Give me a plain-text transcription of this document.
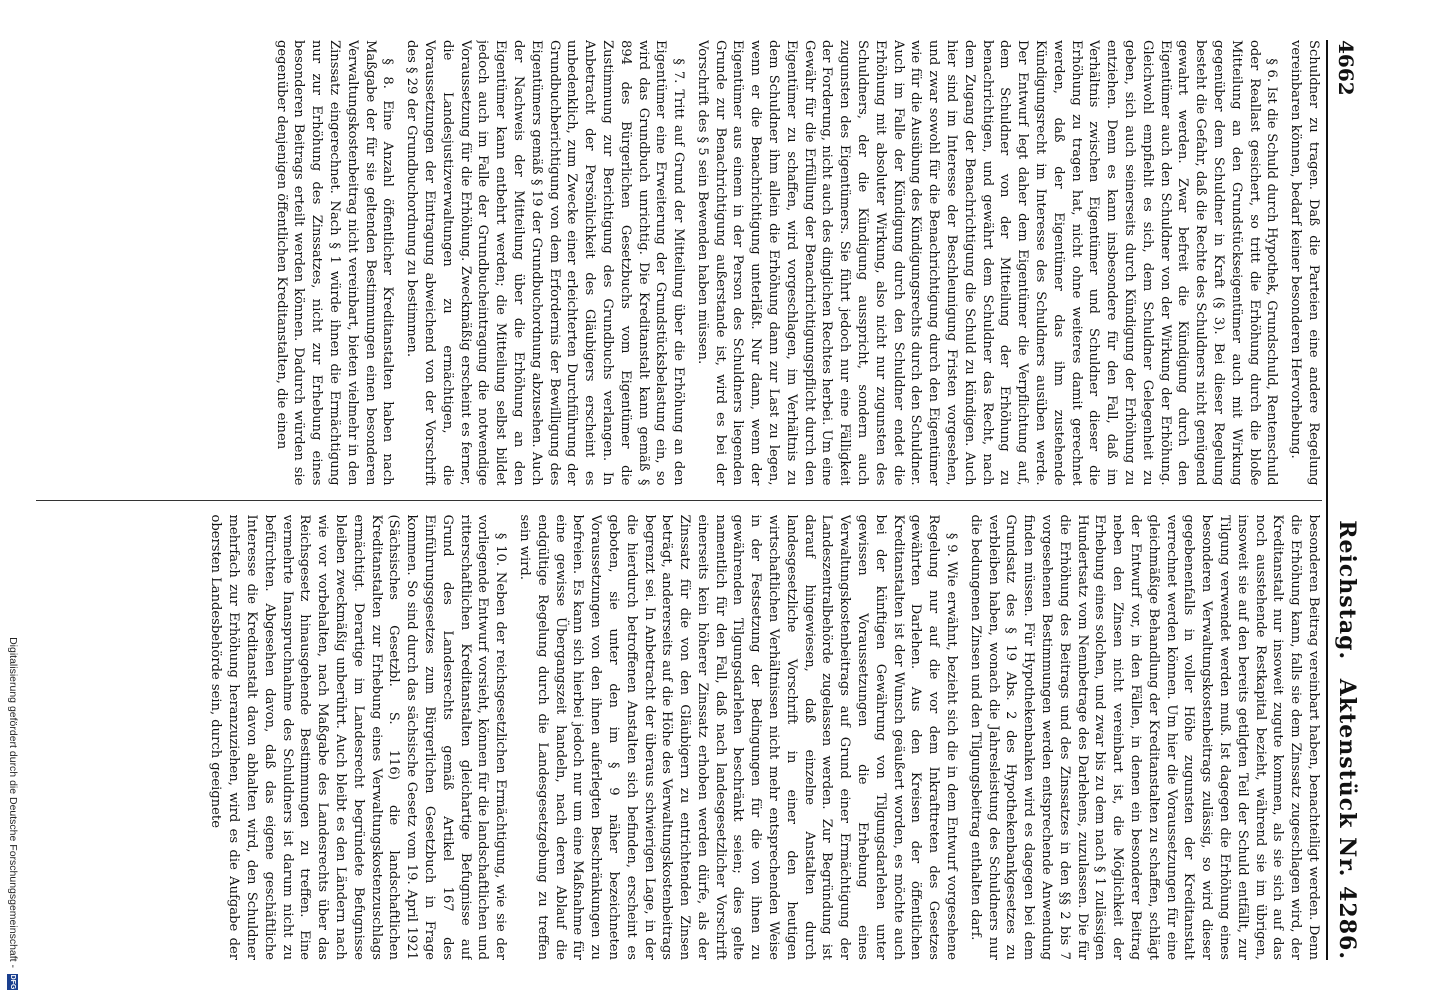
4662
Reichstag. Aktenstück Nr. 4286.

Schuldner zu tragen. Daß die Parteien eine andere Regelung vereinbaren können, bedarf keiner besonderen Hervorhebung.

§ 6. Ist die Schuld durch Hypothek, Grundschuld, Rentenschuld oder Reallast gesichert, so tritt die Erhöhung durch die bloße Mitteilung an den Grundstückseigentümer auch mit Wirkung gegenüber dem Schuldner in Kraft (§ 3). Bei dieser Regelung besteht die Gefahr, daß die Rechte des Schuldners nicht genügend gewahrt werden. Zwar befreit die Kündigung durch den Eigentümer auch den Schuldner von der Wirkung der Erhöhung. Gleichwohl empfiehlt es sich, dem Schuldner Gelegenheit zu geben, sich auch seinerseits durch Kündigung der Erhöhung zu entziehen. Denn es kann insbesondere für den Fall, daß im Verhältnis zwischen Eigentümer und Schuldner dieser die Erhöhung zu tragen hat, nicht ohne weiteres damit gerechnet werden, daß der Eigentümer das ihm zustehende Kündigungsrecht im Interesse des Schuldners ausüben werde. Der Entwurf legt daher dem Eigentümer die Verpflichtung auf, dem Schuldner von der Mitteilung der Erhöhung zu benachrichtigen, und gewährt dem Schuldner das Recht, nach dem Zugang der Benachrichtigung die Schuld zu kündigen. Auch hier sind im Interesse der Beschleunigung Fristen vorgesehen, und zwar sowohl für die Benachrichtigung durch den Eigentümer wie für die Ausübung des Kündigungsrechts durch den Schuldner. Auch im Falle der Kündigung durch den Schuldner endet die Erhöhung mit absoluter Wirkung, also nicht nur zugunsten des Schuldners, der die Kündigung ausspricht, sondern auch zugunsten des Eigentümers. Sie führt jedoch nur eine Fälligkeit der Forderung, nicht auch des dinglichen Rechtes herbei. Um eine Gewähr für die Erfüllung der Benachrichtigungspflicht durch den Eigentümer zu schaffen, wird vorgeschlagen, im Verhältnis zu dem Schuldner ihm allein die Erhöhung dann zur Last zu legen, wenn er die Benachrichtigung unterläßt. Nur dann, wenn der Eigentümer aus einem in der Person des Schuldners liegenden Grunde zur Benachrichtigung außerstande ist, wird es bei der Vorschrift des § 5 sein Bewenden haben müssen.

§ 7. Tritt auf Grund der Mitteilung über die Erhöhung an den Eigentümer eine Erweiterung der Grundstücksbelastung ein, so wird das Grundbuch unrichtig. Die Kreditanstalt kann gemäß § 894 des Bürgerlichen Gesetzbuchs vom Eigentümer die Zustimmung zur Berichtigung des Grundbuchs verlangen. In Anbetracht der Persönlichkeit des Gläubigers erscheint es unbedenklich, zum Zwecke einer erleichterten Durchführung der Grundbuchberichtigung von dem Erfordernis der Bewilligung des Eigentümers gemäß § 19 der Grundbuchordnung abzusehen. Auch der Nachweis der Mitteilung über die Erhöhung an den Eigentümer kann entbehrt werden; die Mitteilung selbst bildet jedoch auch im Falle der Grundbucheintragung die notwendige Voraussetzung für die Erhöhung. Zweckmäßig erscheint es ferner, die Landesjustizverwaltungen zu ermächtigen, die Voraussetzungen der Eintragung abweichend von der Vorschrift des § 29 der Grundbuchordnung zu bestimmen.

§ 8. Eine Anzahl öffentlicher Kreditanstalten haben nach Maßgabe der für sie geltenden Bestimmungen einen besonderen Verwaltungskostenbeitrag nicht vereinbart, bieten vielmehr in den Zinssatz eingerechnet. Nach § 1 würde ihnen die Ermächtigung nur zur Erhöhung des Zinssatzes, nicht zur Erhebung eines besonderen Beitrags erteilt werden können. Dadurch würden sie gegenüber denjenigen öffentlichen Kreditanstalten, die einen

besonderen Beitrag vereinbart haben, benachteiligt werden. Denn die Erhöhung kann, falls sie dem Zinssatz zugeschlagen wird, der Kreditanstalt nur insoweit zugute kommen, als sie sich auf das noch ausstehende Restkapital bezieht, während sie im übrigen, insoweit sie auf den bereits getilgten Teil der Schuld entfällt, zur Tilgung verwendet werden muß. Ist dagegen die Erhöhung eines besonderen Verwaltungskostenbeitrags zulässig, so wird dieser gegebenenfalls in voller Höhe zugunsten der Kreditanstalt verrechnet werden können. Um hier die Voraussetzungen für eine gleichmäßige Behandlung der Kreditanstalten zu schaffen, schlägt der Entwurf vor, in den Fällen, in denen ein besonderer Beitrag neben den Zinsen nicht vereinbart ist, die Möglichkeit der Erhebung eines solchen, und zwar bis zu dem nach § 1 zulässigen Hundertsatz vom Nennbetrage des Darlehens, zuzulassen. Die für die Erhöhung des Beitrags und des Zinssatzes in den §§ 2 bis 7 vorgesehenen Bestimmungen werden entsprechende Anwendung finden müssen. Für Hypothekenbanken wird es dagegen bei dem Grundsatz des § 19 Abs. 2 des Hypothekenbankgesetzes zu verbleiben haben, wonach die Jahresleistung des Schuldners nur die bedungenen Zinsen und den Tilgungsbeitrag enthalten darf.

§ 9. Wie erwähnt, bezieht sich die in dem Entwurf vorgesehene Regelung nur auf die vor dem Inkrafttreten des Gesetzes gewährten Darlehen. Aus den Kreisen der öffentlichen Kreditanstalten ist der Wunsch geäußert worden, es möchte auch bei der künftigen Gewährung von Tilgungsdarlehen unter gewissen Voraussetzungen die Erhebung eines Verwaltungskostenbeitrags auf Grund einer Ermächtigung der Landeszentralbehörde zugelassen werden. Zur Begründung ist darauf hingewiesen, daß einzelne Anstalten durch landesgesetzliche Vorschrift in einer den heutigen wirtschaftlichen Verhältnissen nicht mehr entsprechenden Weise in der Festsetzung der Bedingungen für die von ihnen zu gewährenden Tilgungsdarlehen beschränkt seien; dies gelte namentlich für den Fall, daß nach landesgesetzlicher Vorschrift einerseits kein höherer Zinssatz erhoben werden dürfe, als der Zinssatz für die von den Gläubigern zu entrichtenden Zinsen beträgt, andererseits auf die Höhe des Verwaltungskostenbeitrags begrenzt sei. In Anbetracht der überaus schwierigen Lage, in der die hierdurch betroffenen Anstalten sich befinden, erscheint es geboten, sie unter den im § 9 näher bezeichneten Voraussetzungen von den ihnen auferlegten Beschränkungen zu befreien. Es kann sich hierbei jedoch nur um eine Maßnahme für eine gewisse Übergangszeit handeln, nach deren Ablauf die endgültige Regelung durch die Landesgesetzgebung zu treffen sein wird.

§ 10. Neben der reichsgesetzlichen Ermächtigung, wie sie der vorliegende Entwurf vorsieht, können für die landschaftlichen und ritterschaftlichen Kreditanstalten gleichartige Befugnisse auf Grund des Landesrechts gemäß Artikel 167 des Einführungsgesetzes zum Bürgerlichen Gesetzbuch in Frage kommen. So sind durch das sächsische Gesetz vom 19. April 1921 (Sächsisches Gesetzbl. S. 116) die landschaftlichen Kreditanstalten zur Erhebung eines Verwaltungskostenzuschlags ermächtigt. Derartige im Landesrecht begründete Befugnisse bleiben zweckmäßig unberührt. Auch bleibt es den Ländern nach wie vor vorbehalten, nach Maßgabe des Landesrechts über das Reichsgesetz hinausgehende Bestimmungen zu treffen. Eine vermehrte Inanspruchnahme des Schuldners ist darum nicht zu befürchten. Abgesehen davon, daß das eigene geschäftliche Interesse die Kreditanstalt davon abhalten wird, den Schuldner mehrfach zur Erhöhung heranzuziehen, wird es die Aufgabe der obersten Landesbehörde sein, durch geeignete

Digitalisierung gefördert durch die Deutsche Forschungsgemeinschaft -
DFG
